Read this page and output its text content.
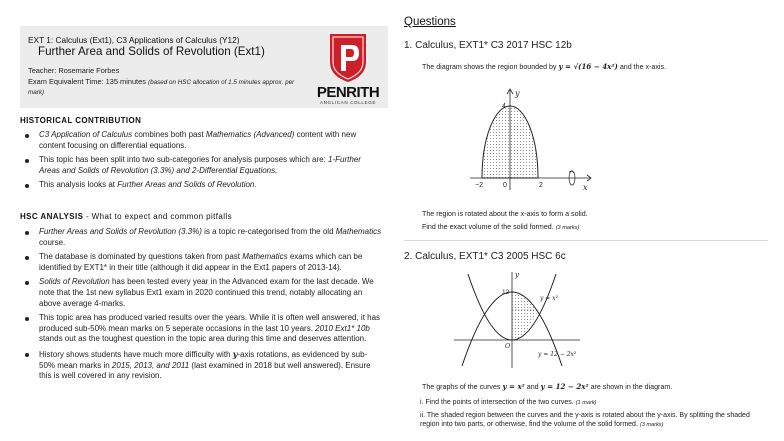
EXT 1: Calculus (Ext1), C3 Applications of Calculus (Y12)
Further Area and Solids of Revolution (Ext1)
Teacher: Rosemarie Forbes
Exam Equivalent Time: 135 minutes (based on HSC allocation of 1.5 minutes approx. per mark)	PENRITH
ANGLICAN COLLEGE
HISTORICAL CONTRIBUTION
C3 Application of Calculus combines both past Mathematics (Advanced) content with new content focusing on differential equations.
This topic has been split into two sub-categories for analysis purposes which are: 1-Further Areas and Solids of Revolution (3.3%) and 2-Differential Equations.
This analysis looks at Further Areas and Solids of Revolution.
HSC ANALYSIS - What to expect and common pitfalls
Further Areas and Solids of Revolution (3.3%) is a topic re-categorised from the old Mathematics course.
The database is dominated by questions taken from past Mathematics exams which can be identified by EXT1* in their title (although it did appear in the Ext1 papers of 2013-14).
Solids of Revolution has been tested every year in the Advanced exam for the last decade. We note that the 1st new syllabus Ext1 exam in 2020 continued this trend, notably allocating an above average 4-marks.
This topic area has produced varied results over the years. While it is often well answered, it has produced sub-50% mean marks on 5 seperate occasions in the last 10 years. 2010 Ext1* 10b stands out as the toughest question in the topic area during this time and deserves attention.
History shows students have much more difficulty with y-axis rotations, as evidenced by sub-50% mean marks in 2015, 2013, and 2011 (last examined in 2018 but well answered). Ensure this is well covered in any revision.
Questions
1. Calculus, EXT1* C3 2017 HSC 12b
The diagram shows the region bounded by y = √(16 − 4x²) and the x-axis.
y
x
4
−2	0	2
The region is rotated about the x-axis to form a solid.
Find the exact volume of the solid formed. (3 marks)
2. Calculus, EXT1* C3 2005 HSC 6c
y
12
O
y = x²
y = 12 − 2x²
The graphs of the curves y = x² and y = 12 − 2x² are shown in the diagram.
i. Find the points of intersection of the two curves. (1 mark)
ii. The shaded region between the curves and the y-axis is rotated about the y-axis. By splitting the shaded region into two parts, or otherwise, find the volume of the solid formed. (3 marks)
